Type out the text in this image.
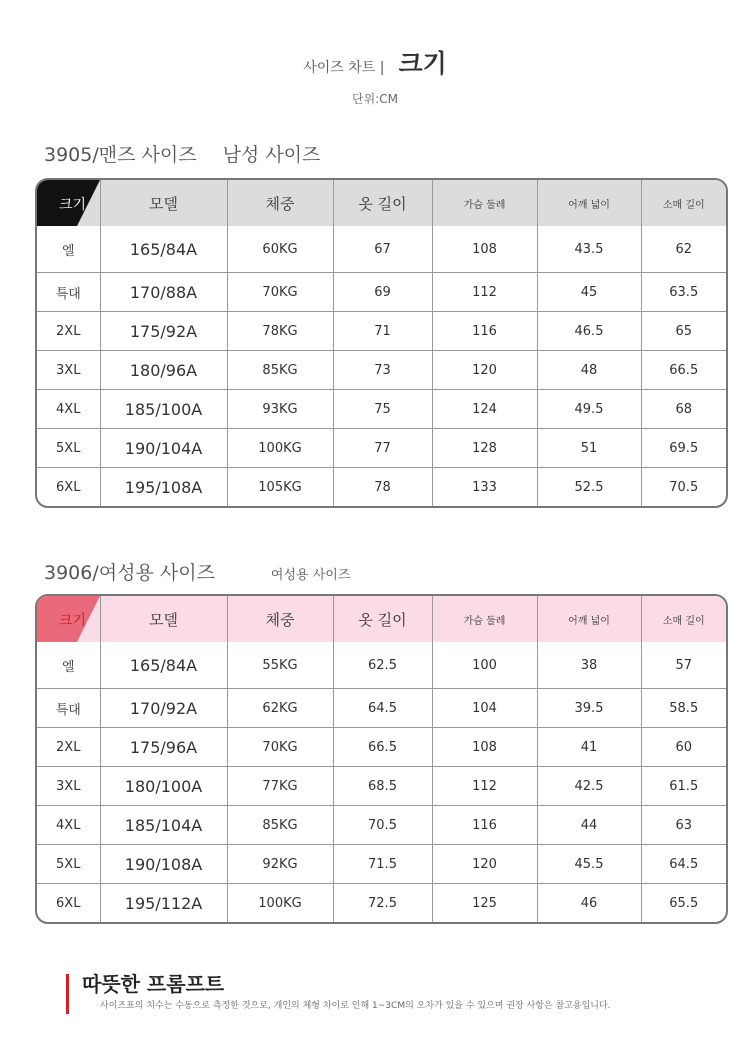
사이즈 차트 | 크기
단위:CM
3905/맨즈 사이즈 남성 사이즈
크기	모델	체중	옷 길이	가슴 둘레	어깨 넓이	소매 길이
엘	165/84A	60KG	67	108	43.5	62
특대	170/88A	70KG	69	112	45	63.5
2XL	175/92A	78KG	71	116	46.5	65
3XL	180/96A	85KG	73	120	48	66.5
4XL	185/100A	93KG	75	124	49.5	68
5XL	190/104A	100KG	77	128	51	69.5
6XL	195/108A	105KG	78	133	52.5	70.5
3906/여성용 사이즈	여성용 사이즈
크기	모델	체중	옷 길이	가슴 둘레	어깨 넓이	소매 길이
엘	165/84A	55KG	62.5	100	38	57
특대	170/92A	62KG	64.5	104	39.5	58.5
2XL	175/96A	70KG	66.5	108	41	60
3XL	180/100A	77KG	68.5	112	42.5	61.5
4XL	185/104A	85KG	70.5	116	44	63
5XL	190/108A	92KG	71.5	120	45.5	64.5
6XL	195/112A	100KG	72.5	125	46	65.5
따뜻한 프롬프트
사이즈표의 치수는 수동으로 측정한 것으로, 개인의 체형 차이로 인해 1~3CM의 오차가 있을 수 있으며 권장 사항은 참고용입니다.
